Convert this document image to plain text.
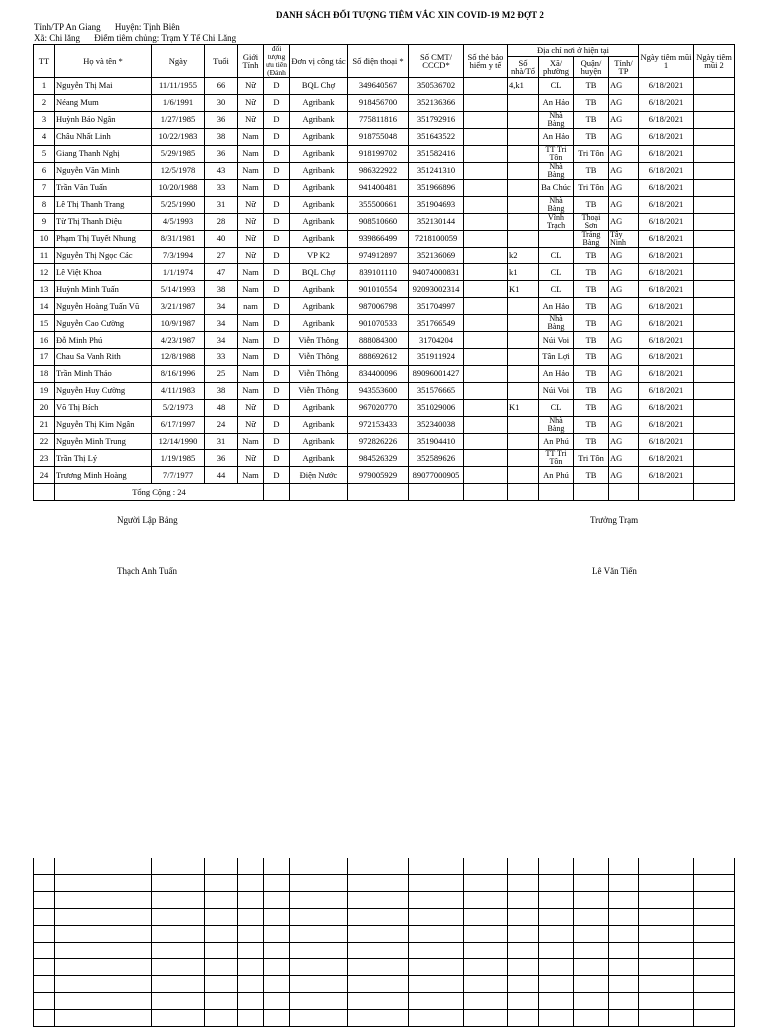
DANH SÁCH ĐỐI TƯỢNG TIÊM VẮC XIN COVID-19 M2 ĐỢT 2
Tỉnh/TP An Giang Huyện: Tịnh Biên
Xã: Chi lăng Điểm tiêm chủng: Trạm Y Tế Chi Lăng
TT	Họ và tên *	Ngày	Tuổi	Giới Tính	đối tượng ưu tiên (Đánh	Đơn vị công tác	Số điện thoại *	Số CMT/ CCCD*	Số thẻ bảo hiểm y tế	Địa chỉ nơi ở hiện tại				Ngày tiêm mũi 1	Ngày tiêm mũi 2
										Số nhà/Tổ	Xã/ phường	Quận/ huyện	Tỉnh/ TP		
1	Nguyễn Thị Mai	11/11/1955	66	Nữ	D	BQL Chợ	349640567	350536702		4,k1	CL	TB	AG	6/18/2021	
2	Néang Mum	1/6/1991	30	Nữ	D	Agribank	918456700	352136366			An Hảo	TB	AG	6/18/2021	
3	Huỳnh Bảo Ngân	1/27/1985	36	Nữ	D	Agribank	775811816	351792916			Nhà Bàng	TB	AG	6/18/2021	
4	Châu Nhất Linh	10/22/1983	38	Nam	D	Agribank	918755048	351643522			An Hảo	TB	AG	6/18/2021	
5	Giang Thanh Nghị	5/29/1985	36	Nam	D	Agribank	918199702	351582416			TT Tri Tôn	Tri Tôn	AG	6/18/2021	
6	Nguyễn Văn Minh	12/5/1978	43	Nam	D	Agribank	986322922	351241310			Nhà Bàng	TB	AG	6/18/2021	
7	Trần Văn Tuấn	10/20/1988	33	Nam	D	Agribank	941400481	351966896			Ba Chúc	Tri Tôn	AG	6/18/2021	
8	Lê Thị Thanh Trang	5/25/1990	31	Nữ	D	Agribank	355500661	351904693			Nhà Bàng	TB	AG	6/18/2021	
9	Từ Thị Thanh Diệu	4/5/1993	28	Nữ	D	Agribank	908510660	352130144			Vĩnh Trạch	Thoại Sơn	AG	6/18/2021	
10	Phạm Thị Tuyết Nhung	8/31/1981	40	Nữ	D	Agribank	939866499	7218100059				Trảng Bàng	Tây Ninh	6/18/2021	
11	Nguyễn Thị Ngọc Các	7/3/1994	27	Nữ	D	VP K2	974912897	352136069		k2	CL	TB	AG	6/18/2021	
12	Lê Việt Khoa	1/1/1974	47	Nam	D	BQL Chợ	839101110	94074000831		k1	CL	TB	AG	6/18/2021	
13	Huỳnh Minh Tuấn	5/14/1993	38	Nam	D	Agribank	901010554	92093002314		K1	CL	TB	AG	6/18/2021	
14	Nguyễn Hoàng Tuấn Vũ	3/21/1987	34	nam	D	Agribank	987006798	351704997			An Hảo	TB	AG	6/18/2021	
15	Nguyễn Cao Cường	10/9/1987	34	Nam	D	Agribank	901070533	351766549			Nhà Bàng	TB	AG	6/18/2021	
16	Đỗ Minh Phú	4/23/1987	34	Nam	D	Viễn Thông	888084300	31704204			Núi Voi	TB	AG	6/18/2021	
17	Chau Sa Vanh Rith	12/8/1988	33	Nam	D	Viễn Thông	888692612	351911924			Tân Lợi	TB	AG	6/18/2021	
18	Trần Minh Thảo	8/16/1996	25	Nam	D	Viễn Thông	834400096	89096001427			An Hảo	TB	AG	6/18/2021	
19	Nguyễn Huy Cường	4/11/1983	38	Nam	D	Viễn Thông	943553600	351576665			Núi Voi	TB	AG	6/18/2021	
20	Võ Thị Bích	5/2/1973	48	Nữ	D	Agribank	967020770	351029006		K1	CL	TB	AG	6/18/2021	
21	Nguyễn Thị Kim Ngân	6/17/1997	24	Nữ	D	Agribank	972153433	352340038			Nhà Bàng	TB	AG	6/18/2021	
22	Nguyễn Minh Trung	12/14/1990	31	Nam	D	Agribank	972826226	351904410			An Phú	TB	AG	6/18/2021	
23	Trần Thị Lý	1/19/1985	36	Nữ	D	Agribank	984526329	352589626			TT Tri Tôn	Tri Tôn	AG	6/18/2021	
24	Trương Minh Hoàng	7/7/1977	44	Nam	D	Điện Nước	979005929	89077000905			An Phú	TB	AG	6/18/2021	
	Tổng Cộng : 24														
Người Lập Bảng	Trưởng Trạm
Thạch Anh Tuấn	Lê Văn Tiến
